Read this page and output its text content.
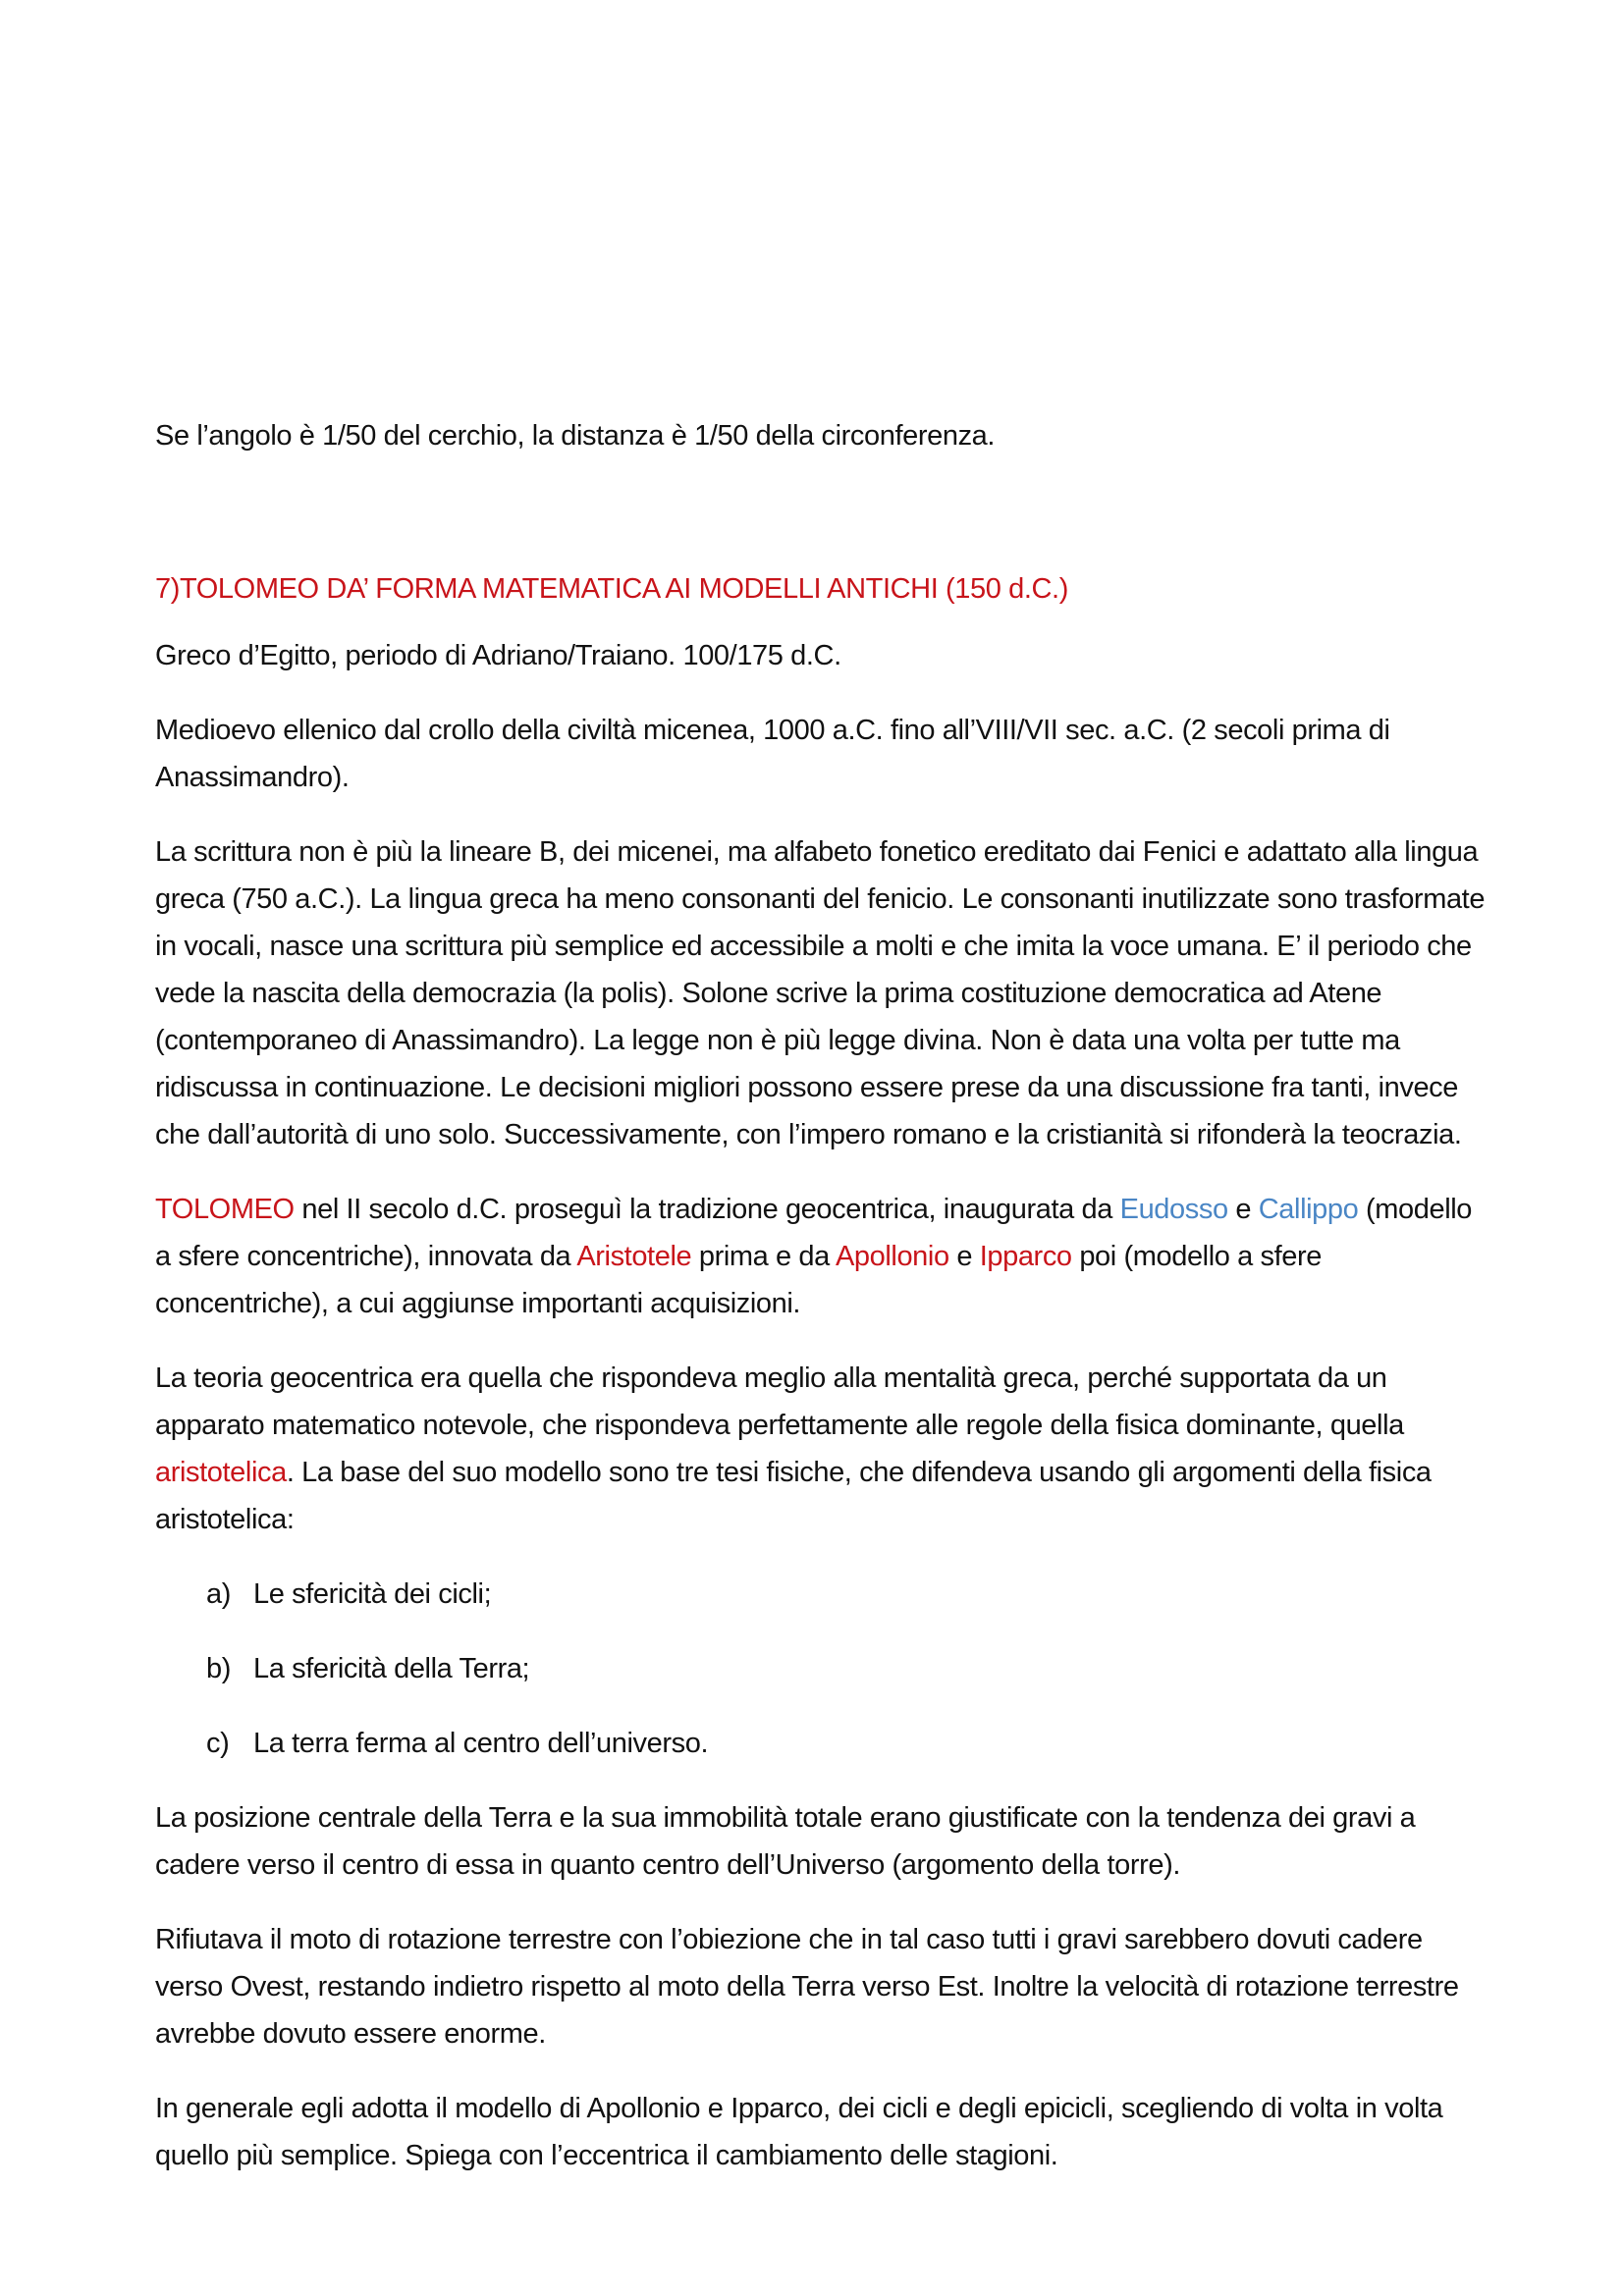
Se l’angolo è 1/50 del cerchio, la distanza è 1/50 della circonferenza.

7)TOLOMEO DA’ FORMA MATEMATICA AI MODELLI ANTICHI (150 d.C.)

Greco d’Egitto, periodo di Adriano/Traiano. 100/175 d.C.

Medioevo ellenico dal crollo della civiltà micenea, 1000 a.C. fino all’VIII/VII sec. a.C. (2 secoli prima di Anassimandro).

La scrittura non è più la lineare B, dei micenei, ma alfabeto fonetico ereditato dai Fenici e adattato alla lingua greca (750 a.C.). La lingua greca ha meno consonanti del fenicio. Le consonanti inutilizzate sono trasformate in vocali, nasce una scrittura più semplice ed accessibile a molti e che imita la voce umana. E’ il periodo che vede la nascita della democrazia (la polis). Solone scrive la prima costituzione democratica ad Atene (contemporaneo di Anassimandro). La legge non è più legge divina. Non è data una volta per tutte ma ridiscussa in continuazione. Le decisioni migliori possono essere prese da una discussione fra tanti, invece che dall’autorità di uno solo. Successivamente, con l’impero romano e la cristianità si rifonderà la teocrazia.

TOLOMEO nel II secolo d.C. proseguì la tradizione geocentrica, inaugurata da Eudosso e Callippo (modello a sfere concentriche), innovata da Aristotele prima e da Apollonio e Ipparco poi (modello a sfere concentriche), a cui aggiunse importanti acquisizioni.

La teoria geocentrica era quella che rispondeva meglio alla mentalità greca, perché supportata da un apparato matematico notevole, che rispondeva perfettamente alle regole della fisica dominante, quella aristotelica. La base del suo modello sono tre tesi fisiche, che difendeva usando gli argomenti della fisica aristotelica:

a) Le sfericità dei cicli;
b) La sfericità della Terra;
c) La terra ferma al centro dell’universo.

La posizione centrale della Terra e la sua immobilità totale erano giustificate con la tendenza dei gravi a cadere verso il centro di essa in quanto centro dell’Universo (argomento della torre).

Rifiutava il moto di rotazione terrestre con l’obiezione che in tal caso tutti i gravi sarebbero dovuti cadere verso Ovest, restando indietro rispetto al moto della Terra verso Est. Inoltre la velocità di rotazione terrestre avrebbe dovuto essere enorme.

In generale egli adotta il modello di Apollonio e Ipparco, dei cicli e degli epicicli, scegliendo di volta in volta quello più semplice. Spiega con l’eccentrica il cambiamento delle stagioni.
